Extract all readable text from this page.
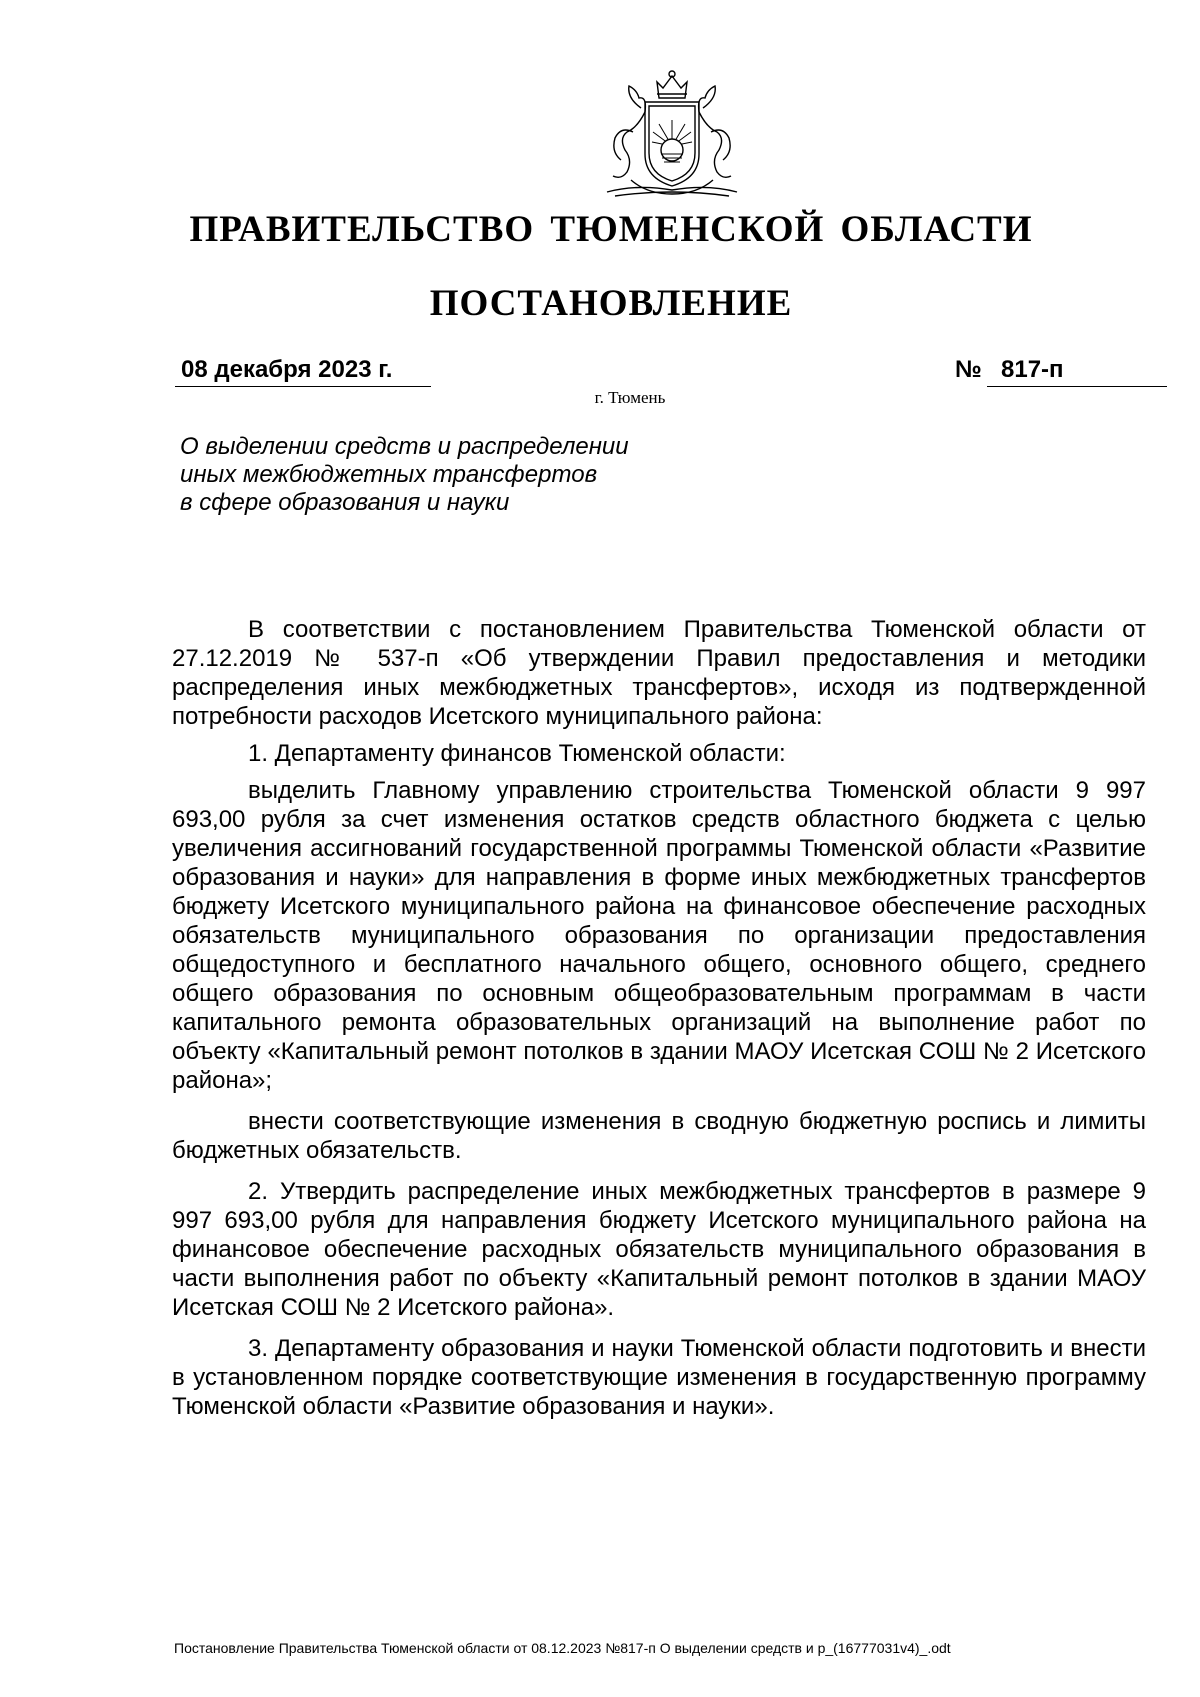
ПРАВИТЕЛЬСТВО ТЮМЕНСКОЙ ОБЛАСТИ
ПОСТАНОВЛЕНИЕ
08 декабря 2023 г.	№ 817-п
г. Тюмень
О выделении средств и распределении
иных межбюджетных трансфертов
в сфере образования и науки

В соответствии с постановлением Правительства Тюменской области от 27.12.2019 № 537-п «Об утверждении Правил предоставления и методики распределения иных межбюджетных трансфертов», исходя из подтвержденной потребности расходов Исетского муниципального района:

1. Департаменту финансов Тюменской области:

выделить Главному управлению строительства Тюменской области 9 997 693,00 рубля за счет изменения остатков средств областного бюджета с целью увеличения ассигнований государственной программы Тюменской области «Развитие образования и науки» для направления в форме иных межбюджетных трансфертов бюджету Исетского муниципального района на финансовое обеспечение расходных обязательств муниципального образования по организации предоставления общедоступного и бесплатного начального общего, основного общего, среднего общего образования по основным общеобразовательным программам в части капитального ремонта образовательных организаций на выполнение работ по объекту «Капитальный ремонт потолков в здании МАОУ Исетская СОШ № 2 Исетского района»;

внести соответствующие изменения в сводную бюджетную роспись и лимиты бюджетных обязательств.

2. Утвердить распределение иных межбюджетных трансфертов в размере 9 997 693,00 рубля для направления бюджету Исетского муниципального района на финансовое обеспечение расходных обязательств муниципального образования в части выполнения работ по объекту «Капитальный ремонт потолков в здании МАОУ Исетская СОШ № 2 Исетского района».

3. Департаменту образования и науки Тюменской области подготовить и внести в установленном порядке соответствующие изменения в государственную программу Тюменской области «Развитие образования и науки».

Постановление Правительства Тюменской области от 08.12.2023 №817-п О выделении средств и р_(16777031v4)_.odt
